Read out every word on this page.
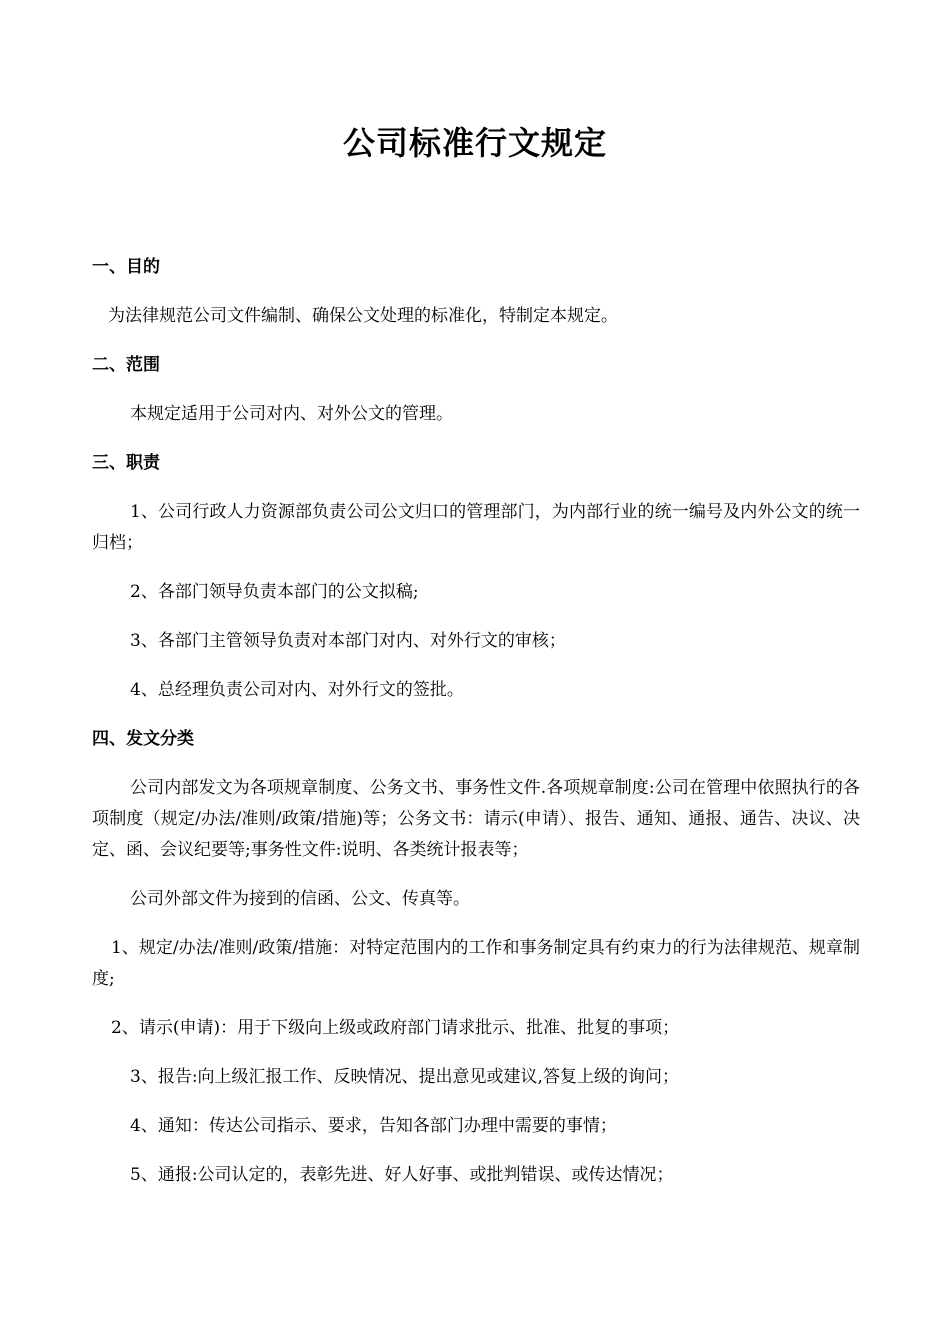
公司标准行文规定
一、目的
为法律规范公司文件编制、确保公文处理的标准化，特制定本规定。
二、范围
本规定适用于公司对内、对外公文的管理。
三、职责
1、公司行政人力资源部负责公司公文归口的管理部门，为内部行业的统一编号及内外公文的统一归档；
2、各部门领导负责本部门的公文拟稿;
3、各部门主管领导负责对本部门对内、对外行文的审核；
4、总经理负责公司对内、对外行文的签批。
四、发文分类
公司内部发文为各项规章制度、公务文书、事务性文件.各项规章制度:公司在管理中依照执行的各项制度（规定/办法/准则/政策/措施)等；公务文书：请示(申请）、报告、通知、通报、通告、决议、决定、函、会议纪要等;事务性文件:说明、各类统计报表等；
公司外部文件为接到的信函、公文、传真等。
1、规定/办法/准则/政策/措施：对特定范围内的工作和事务制定具有约束力的行为法律规范、规章制度;
2、请示(申请)：用于下级向上级或政府部门请求批示、批准、批复的事项；
3、报告:向上级汇报工作、反映情况、提出意见或建议,答复上级的询问；
4、通知：传达公司指示、要求，告知各部门办理中需要的事情；
5、通报:公司认定的，表彰先进、好人好事、或批判错误、或传达情况；
